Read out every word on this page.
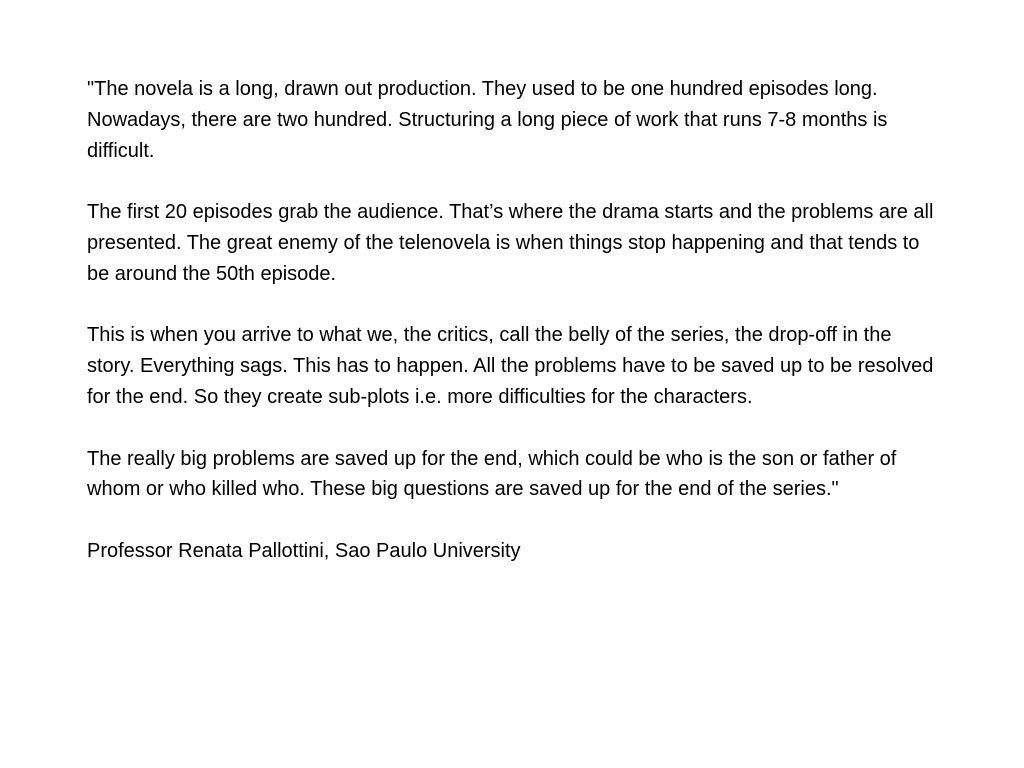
"The novela is a long, drawn out production. They used to be one hundred episodes long. Nowadays, there are two hundred. Structuring a long piece of work that runs 7-8 months is difficult.

The first 20 episodes grab the audience. That’s where the drama starts and the problems are all presented. The great enemy of the telenovela is when things stop happening and that tends to be around the 50th episode.

This is when you arrive to what we, the critics, call the belly of the series, the drop-off in the story. Everything sags. This has to happen. All the problems have to be saved up to be resolved for the end. So they create sub-plots i.e. more difficulties for the characters.

The really big problems are saved up for the end, which could be who is the son or father of whom or who killed who. These big questions are saved up for the end of the series."

Professor Renata Pallottini, Sao Paulo University
